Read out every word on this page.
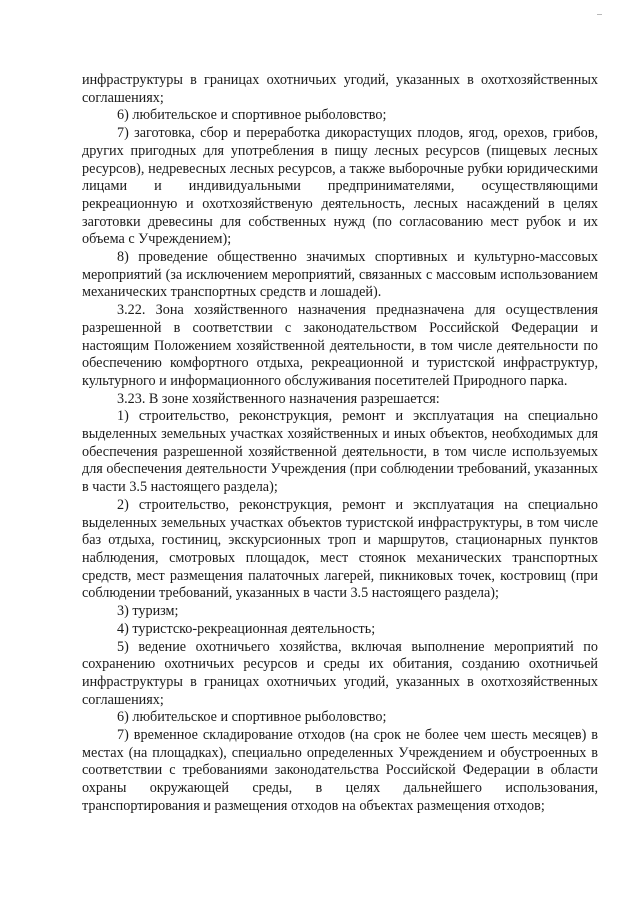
инфраструктуры в границах охотничьих угодий, указанных в охотхозяйственных соглашениях;

6) любительское и спортивное рыболовство;

7) заготовка, сбор и переработка дикорастущих плодов, ягод, орехов, грибов, других пригодных для употребления в пищу лесных ресурсов (пищевых лесных ресурсов), недревесных лесных ресурсов, а также выборочные рубки юридическими лицами и индивидуальными предпринимателями, осуществляющими рекреационную и охотхозяйственую деятельность, лесных насаждений в целях заготовки древесины для собственных нужд (по согласованию мест рубок и их объема с Учреждением);

8) проведение общественно значимых спортивных и культурно-массовых мероприятий (за исключением мероприятий, связанных с массовым использованием механических транспортных средств и лошадей).

3.22. Зона хозяйственного назначения предназначена для осуществления разрешенной в соответствии с законодательством Российской Федерации и настоящим Положением хозяйственной деятельности, в том числе деятельности по обеспечению комфортного отдыха, рекреационной и туристской инфраструктур, культурного и информационного обслуживания посетителей Природного парка.

3.23. В зоне хозяйственного назначения разрешается:

1) строительство, реконструкция, ремонт и эксплуатация на специально выделенных земельных участках хозяйственных и иных объектов, необходимых для обеспечения разрешенной хозяйственной деятельности, в том числе используемых для обеспечения деятельности Учреждения (при соблюдении требований, указанных в части 3.5 настоящего раздела);

2) строительство, реконструкция, ремонт и эксплуатация на специально выделенных земельных участках объектов туристской инфраструктуры, в том числе баз отдыха, гостиниц, экскурсионных троп и маршрутов, стационарных пунктов наблюдения, смотровых площадок, мест стоянок механических транспортных средств, мест размещения палаточных лагерей, пикниковых точек, костровищ (при соблюдении требований, указанных в части 3.5 настоящего раздела);

3) туризм;

4) туристско-рекреационная деятельность;

5) ведение охотничьего хозяйства, включая выполнение мероприятий по сохранению охотничьих ресурсов и среды их обитания, созданию охотничьей инфраструктуры в границах охотничьих угодий, указанных в охотхозяйственных соглашениях;

6) любительское и спортивное рыболовство;

7) временное складирование отходов (на срок не более чем шесть месяцев) в местах (на площадках), специально определенных Учреждением и обустроенных в соответствии с требованиями законодательства Российской Федерации в области охраны окружающей среды, в целях дальнейшего использования, транспортирования и размещения отходов на объектах размещения отходов;
